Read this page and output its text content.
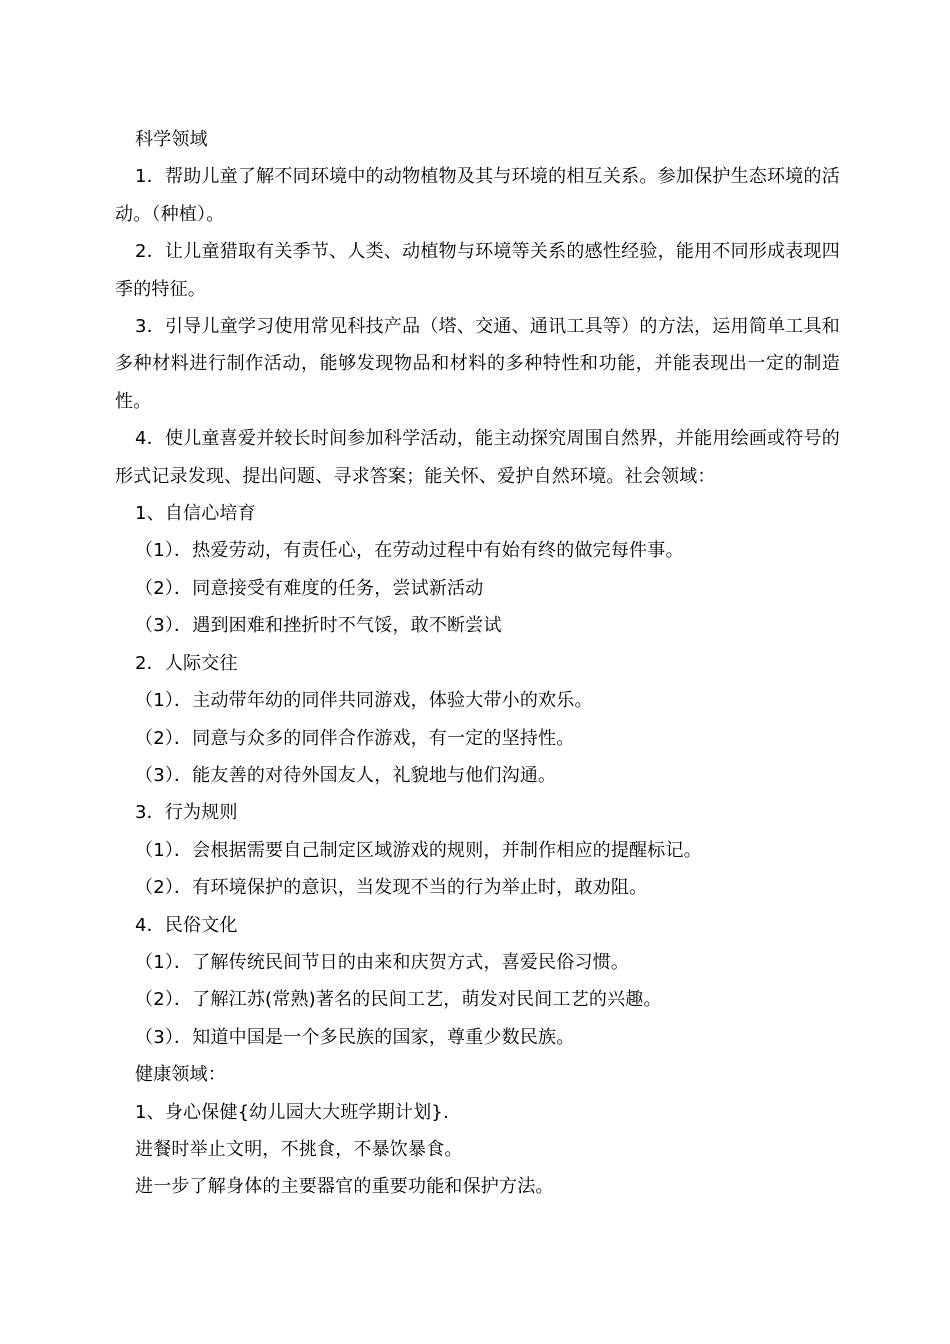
科学领域

1．帮助儿童了解不同环境中的动物植物及其与环境的相互关系。参加保护生态环境的活动。（种植）。

2．让儿童猎取有关季节、人类、动植物与环境等关系的感性经验，能用不同形成表现四季的特征。

3．引导儿童学习使用常见科技产品（塔、交通、通讯工具等）的方法，运用简单工具和多种材料进行制作活动，能够发现物品和材料的多种特性和功能，并能表现出一定的制造性。

4．使儿童喜爱并较长时间参加科学活动，能主动探究周围自然界，并能用绘画或符号的形式记录发现、提出问题、寻求答案；能关怀、爱护自然环境。社会领域：

1、自信心培育

（1）．热爱劳动，有责任心，在劳动过程中有始有终的做完每件事。

（2）．同意接受有难度的任务，尝试新活动

（3）．遇到困难和挫折时不气馁，敢不断尝试

2．人际交往

（1）．主动带年幼的同伴共同游戏，体验大带小的欢乐。

（2）．同意与众多的同伴合作游戏，有一定的坚持性。

（3）．能友善的对待外国友人，礼貌地与他们沟通。

3．行为规则

（1）．会根据需要自己制定区域游戏的规则，并制作相应的提醒标记。

（2）．有环境保护的意识，当发现不当的行为举止时，敢劝阻。

4．民俗文化

（1）．了解传统民间节日的由来和庆贺方式，喜爱民俗习惯。

（2）．了解江苏(常熟)著名的民间工艺，萌发对民间工艺的兴趣。

（3）．知道中国是一个多民族的国家，尊重少数民族。

健康领域：

1、身心保健{幼儿园大大班学期计划}.

进餐时举止文明，不挑食，不暴饮暴食。

进一步了解身体的主要器官的重要功能和保护方法。
